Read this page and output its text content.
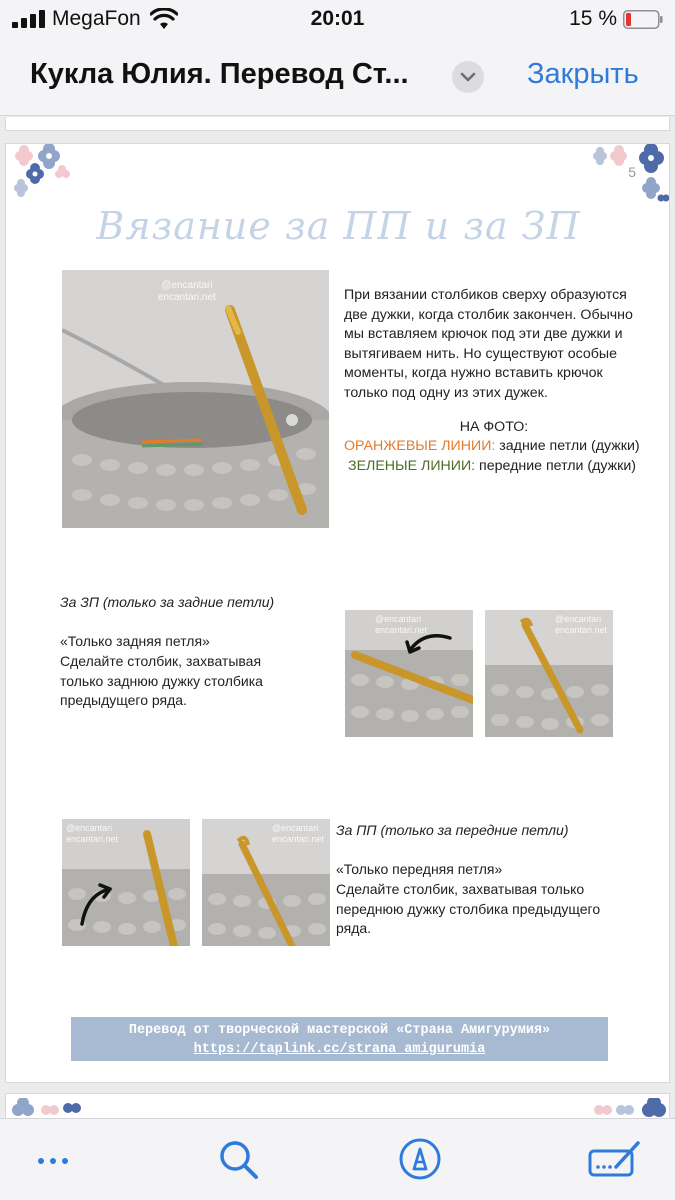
MegaFon	20:01	15 %
Кукла Юлия. Перевод Ст...	Закрыть
5
Вязание за ПП и за ЗП
@encantari
encantari.net	При вязании столбиков сверху образуются две дужки, когда столбик закончен. Обычно мы вставляем крючок под эти две дужки и вытягиваем нить. Но существуют особые моменты, когда нужно вставить крючок только под одну из этих дужек.
НА ФОТО:
ОРАНЖЕВЫЕ ЛИНИИ: задние петли (дужки)
ЗЕЛЕНЫЕ ЛИНИИ: передние петли (дужки)
За ЗП (только за задние петли)
«Только задняя петля»
Сделайте столбик, захватывая только заднюю дужку столбика предыдущего ряда.
@encantari
encantari.net
@encantari
encantari.net
@encantari
encantari.net
@encantari
encantari.net
За ПП (только за передние петли)
«Только передняя петля»
Сделайте столбик, захватывая только переднюю дужку столбика предыдущего ряда.
Перевод от творческой мастерской «Страна Амигурумия»
https://taplink.cc/strana_amigurumia
